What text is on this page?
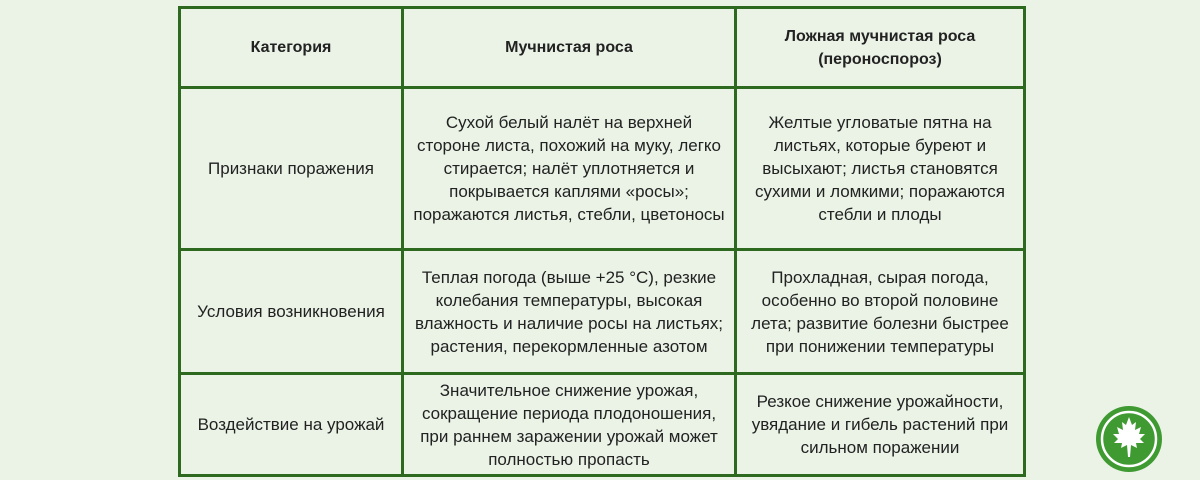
Категория	Мучнистая роса	Ложная мучнистая роса (пероноспороз)
Признаки поражения	Сухой белый налёт на верхней стороне листа, похожий на муку, легко стирается; налёт уплотняется и покрывается каплями «росы»; поражаются листья, стебли, цветоносы	Желтые угловатые пятна на листьях, которые буреют и высыхают; листья становятся сухими и ломкими; поражаются стебли и плоды
Условия возникновения	Теплая погода (выше +25 °С), резкие колебания температуры, высокая влажность и наличие росы на листьях; растения, перекормленные азотом	Прохладная, сырая погода, особенно во второй половине лета; развитие болезни быстрее при понижении температуры
Воздействие на урожай	Значительное снижение урожая, сокращение периода плодоношения, при раннем заражении урожай может полностью пропасть	Резкое снижение урожайности, увядание и гибель растений при сильном поражении
